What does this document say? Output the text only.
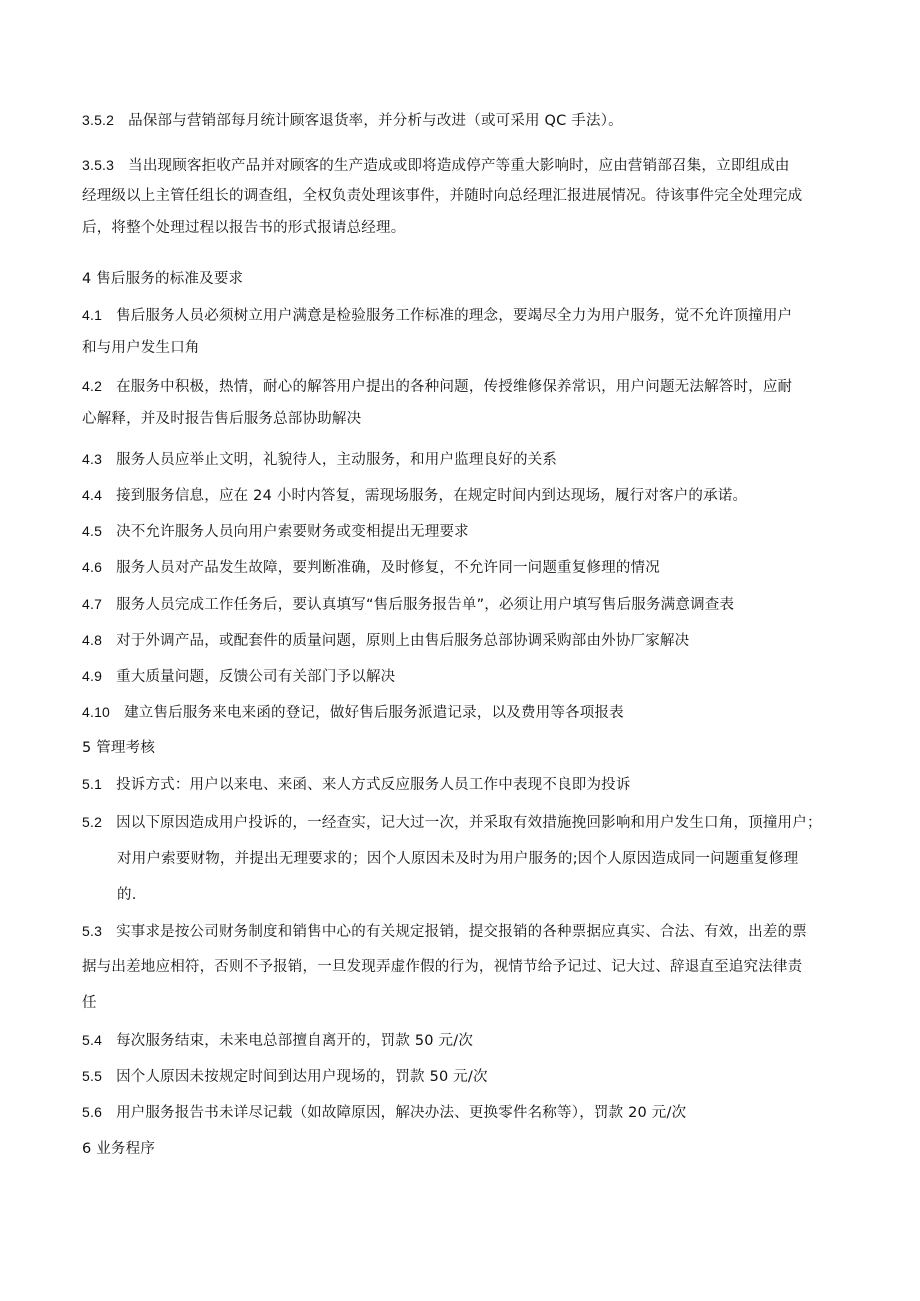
3.5.2 品保部与营销部每月统计顾客退货率，并分析与改进（或可采用 QC 手法）。
3.5.3 当出现顾客拒收产品并对顾客的生产造成或即将造成停产等重大影响时，应由营销部召集，立即组成由
经理级以上主管任组长的调查组，全权负责处理该事件，并随时向总经理汇报进展情况。待该事件完全处理完成
后，将整个处理过程以报告书的形式报请总经理。
4 售后服务的标准及要求
4.1 售后服务人员必须树立用户满意是检验服务工作标准的理念，要竭尽全力为用户服务，觉不允许顶撞用户
和与用户发生口角
4.2 在服务中积极，热情，耐心的解答用户提出的各种问题，传授维修保养常识，用户问题无法解答时，应耐
心解释，并及时报告售后服务总部协助解决
4.3 服务人员应举止文明，礼貌待人，主动服务，和用户监理良好的关系
4.4 接到服务信息，应在 24 小时内答复，需现场服务，在规定时间内到达现场，履行对客户的承诺。
4.5 决不允许服务人员向用户索要财务或变相提出无理要求
4.6 服务人员对产品发生故障，要判断准确，及时修复，不允许同一问题重复修理的情况
4.7 服务人员完成工作任务后，要认真填写“售后服务报告单”，必须让用户填写售后服务满意调查表
4.8 对于外调产品，或配套件的质量问题，原则上由售后服务总部协调采购部由外协厂家解决
4.9 重大质量问题，反馈公司有关部门予以解决
4.10 建立售后服务来电来函的登记，做好售后服务派遣记录，以及费用等各项报表
5 管理考核
5.1 投诉方式：用户以来电、来函、来人方式反应服务人员工作中表现不良即为投诉
5.2 因以下原因造成用户投诉的，一经查实，记大过一次，并采取有效措施挽回影响和用户发生口角，顶撞用户；
对用户索要财物，并提出无理要求的；因个人原因未及时为用户服务的;因个人原因造成同一问题重复修理
的.
5.3 实事求是按公司财务制度和销售中心的有关规定报销，提交报销的各种票据应真实、合法、有效，出差的票
据与出差地应相符，否则不予报销，一旦发现弄虚作假的行为，视情节给予记过、记大过、辞退直至追究法律责
任
5.4 每次服务结束，未来电总部擅自离开的，罚款 50 元/次
5.5 因个人原因未按规定时间到达用户现场的，罚款 50 元/次
5.6 用户服务报告书未详尽记载（如故障原因，解决办法、更换零件名称等），罚款 20 元/次
6 业务程序
